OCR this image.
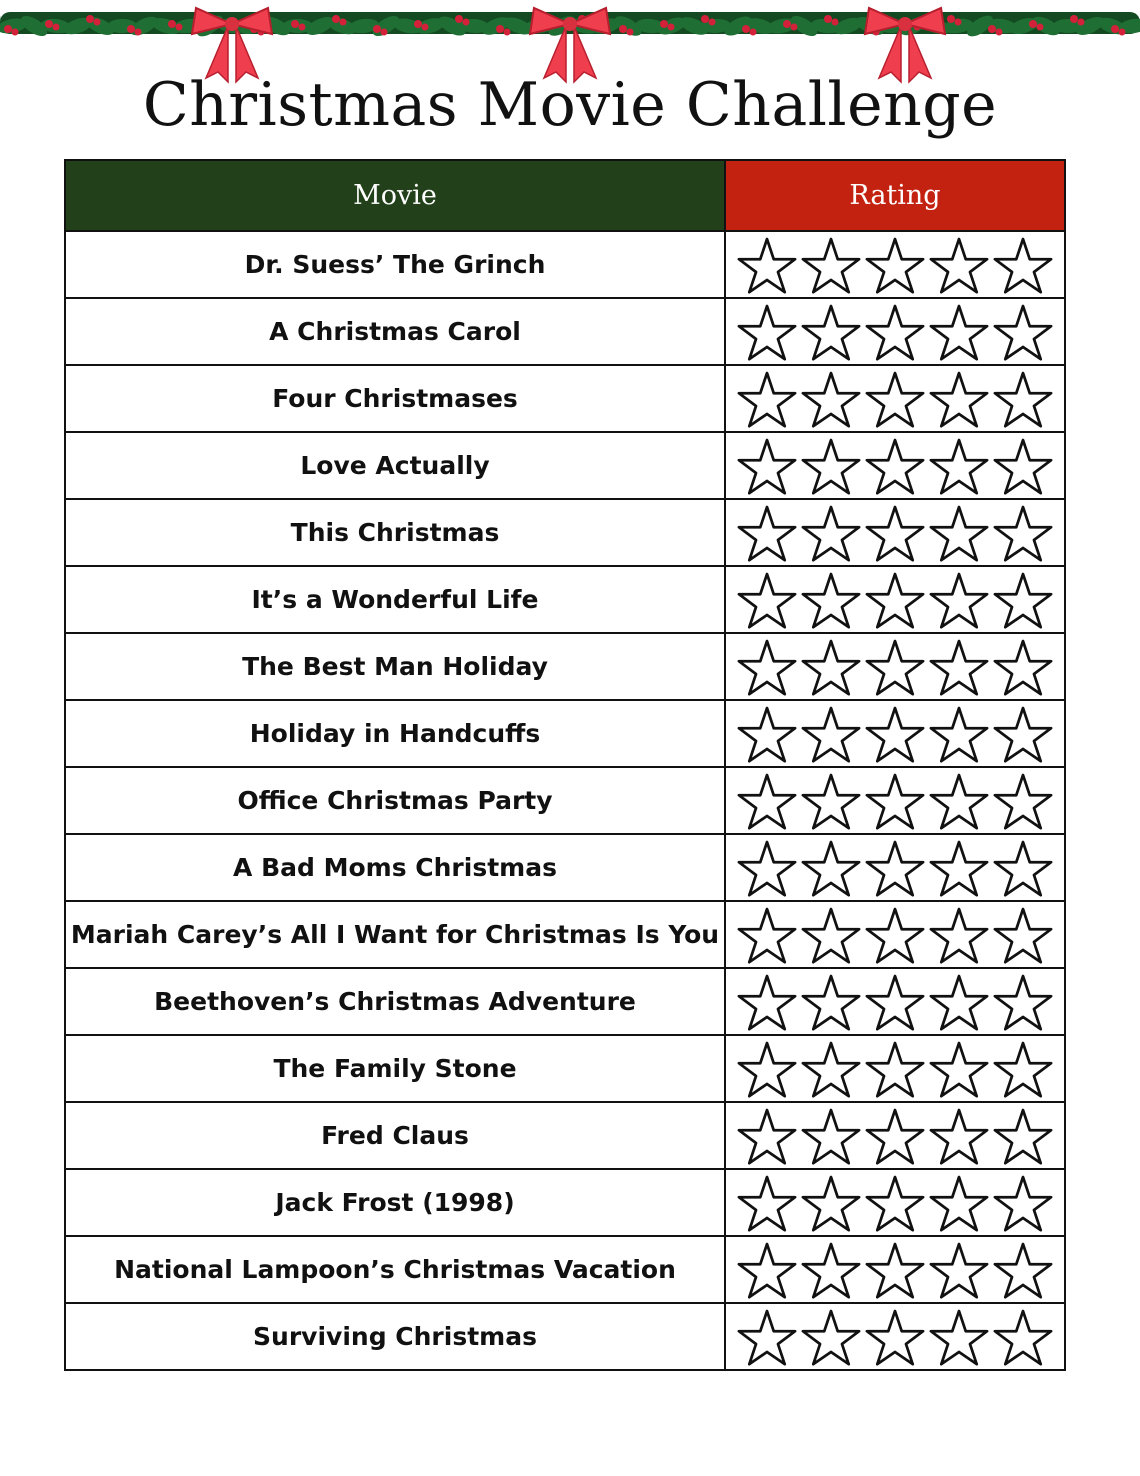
Christmas Movie Challenge
Movie	Rating
Dr. Suess’ The Grinch	

A Christmas Carol	

Four Christmases	

Love Actually	

This Christmas	

It’s a Wonderful Life	

The Best Man Holiday	

Holiday in Handcuffs	

Office Christmas Party	

A Bad Moms Christmas	

Mariah Carey’s All I Want for Christmas Is You	

Beethoven’s Christmas Adventure	

The Family Stone	

Fred Claus	

Jack Frost (1998)	

National Lampoon’s Christmas Vacation	

Surviving Christmas	
